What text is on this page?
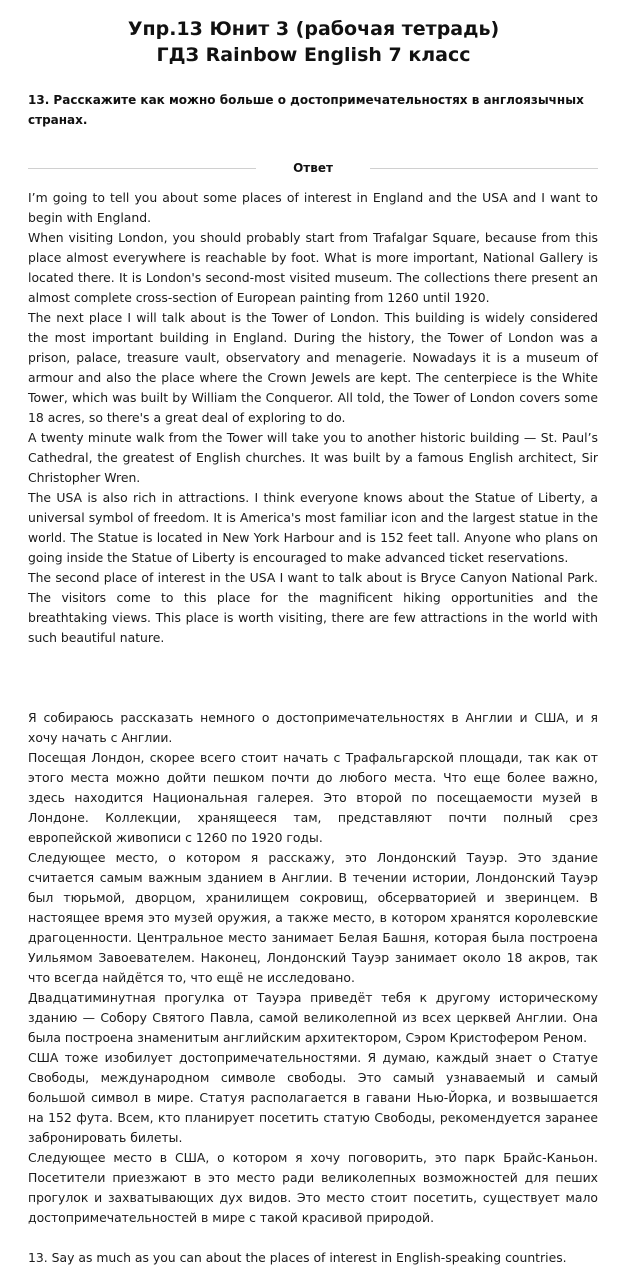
Упр.13 Юнит 3 (рабочая тетрадь)
ГДЗ Rainbow English 7 класс
13. Расскажите как можно больше о достопримечательностях в англоязычных странах.
Ответ

I’m going to tell you about some places of interest in England and the USA and I want to begin with England.

When visiting London, you should probably start from Trafalgar Square, because from this place almost everywhere is reachable by foot. What is more important, National Gallery is located there. It is London's second-most visited museum. The collections there present an almost complete cross-section of European painting from 1260 until 1920.

The next place I will talk about is the Tower of London. This building is widely considered the most important building in England. During the history, the Tower of London was a prison, palace, treasure vault, observatory and menagerie. Nowadays it is a museum of armour and also the place where the Crown Jewels are kept. The centerpiece is the White Tower, which was built by William the Conqueror. All told, the Tower of London covers some 18 acres, so there's a great deal of exploring to do.

A twenty minute walk from the Tower will take you to another historic building — St. Paul’s Cathedral, the greatest of English churches. It was built by a famous English architect, Sir Christopher Wren.

The USA is also rich in attractions. I think everyone knows about the Statue of Liberty, a universal symbol of freedom. It is America's most familiar icon and the largest statue in the world. The Statue is located in New York Harbour and is 152 feet tall. Anyone who plans on going inside the Statue of Liberty is encouraged to make advanced ticket reservations.

The second place of interest in the USA I want to talk about is Bryce Canyon National Park. The visitors come to this place for the magnificent hiking opportunities and the breathtaking views. This place is worth visiting, there are few attractions in the world with such beautiful nature.

Я собираюсь рассказать немного о достопримечательностях в Англии и США, и я хочу начать с Англии.

Посещая Лондон, скорее всего стоит начать с Трафальгарской площади, так как от этого места можно дойти пешком почти до любого места. Что еще более важно, здесь находится Национальная галерея. Это второй по посещаемости музей в Лондоне. Коллекции, хранящееся там, представляют почти полный срез европейской живописи с 1260 по 1920 годы.

Следующее место, о котором я расскажу, это Лондонский Тауэр. Это здание считается самым важным зданием в Англии. В течении истории, Лондонский Тауэр был тюрьмой, дворцом, хранилищем сокровищ, обсерваторией и зверинцем. В настоящее время это музей оружия, а также место, в котором хранятся королевские драгоценности. Центральное место занимает Белая Башня, которая была построена Уильямом Завоевателем. Наконец, Лондонский Тауэр занимает около 18 акров, так что всегда найдётся то, что ещё не исследовано.

Двадцатиминутная прогулка от Тауэра приведёт тебя к другому историческому зданию — Собору Святого Павла, самой великолепной из всех церквей Англии. Она была построена знаменитым английским архитектором, Сэром Кристофером Реном.

США тоже изобилует достопримечательностями. Я думаю, каждый знает о Статуе Свободы, международном символе свободы. Это самый узнаваемый и самый большой символ в мире. Статуя располагается в гавани Нью-Йорка, и возвышается на 152 фута. Всем, кто планирует посетить статую Свободы, рекомендуется заранее забронировать билеты.

Следующее место в США, о котором я хочу поговорить, это парк Брайс-Каньон. Посетители приезжают в это место ради великолепных возможностей для пеших прогулок и захватывающих дух видов. Это место стоит посетить, существует мало достопримечательностей в мире с такой красивой природой.

13. Say as much as you can about the places of interest in English-speaking countries.
